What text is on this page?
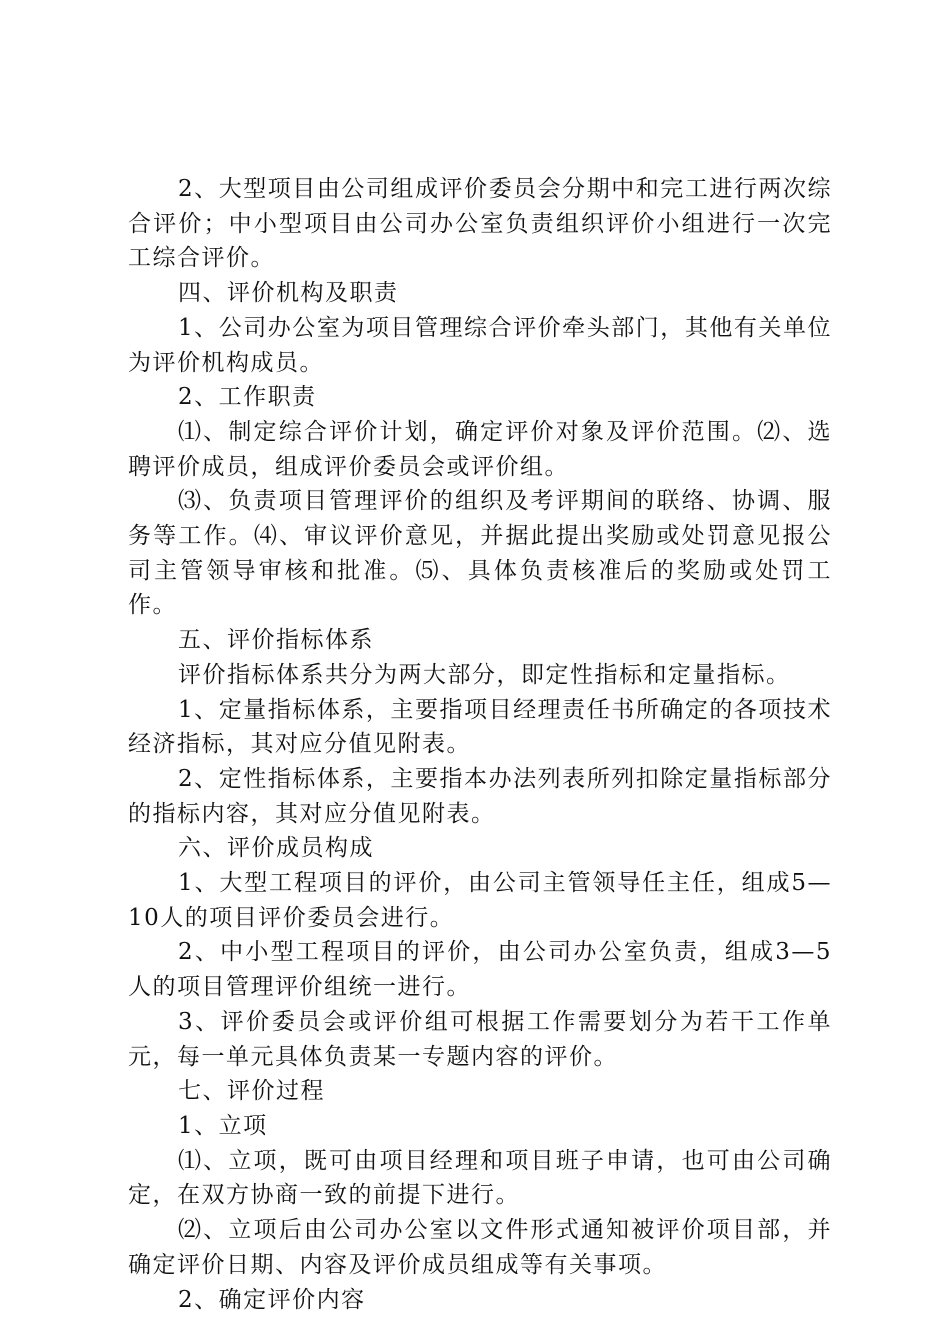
2、大型项目由公司组成评价委员会分期中和完工进行两次综合评价；中小型项目由公司办公室负责组织评价小组进行一次完工综合评价。

四、评价机构及职责

1、公司办公室为项目管理综合评价牵头部门，其他有关单位为评价机构成员。

2、工作职责

⑴、制定综合评价计划，确定评价对象及评价范围。⑵、选聘评价成员，组成评价委员会或评价组。

⑶、负责项目管理评价的组织及考评期间的联络、协调、服务等工作。⑷、审议评价意见，并据此提出奖励或处罚意见报公司主管领导审核和批准。⑸、具体负责核准后的奖励或处罚工作。

五、评价指标体系

评价指标体系共分为两大部分，即定性指标和定量指标。

1、定量指标体系，主要指项目经理责任书所确定的各项技术经济指标，其对应分值见附表。

2、定性指标体系，主要指本办法列表所列扣除定量指标部分的指标内容，其对应分值见附表。

六、评价成员构成

1、大型工程项目的评价，由公司主管领导任主任，组成5—10人的项目评价委员会进行。

2、中小型工程项目的评价，由公司办公室负责，组成3—5人的项目管理评价组统一进行。

3、评价委员会或评价组可根据工作需要划分为若干工作单元，每一单元具体负责某一专题内容的评价。

七、评价过程

1、立项

⑴、立项，既可由项目经理和项目班子申请，也可由公司确定，在双方协商一致的前提下进行。

⑵、立项后由公司办公室以文件形式通知被评价项目部，并确定评价日期、内容及评价成员组成等有关事项。

2、确定评价内容
